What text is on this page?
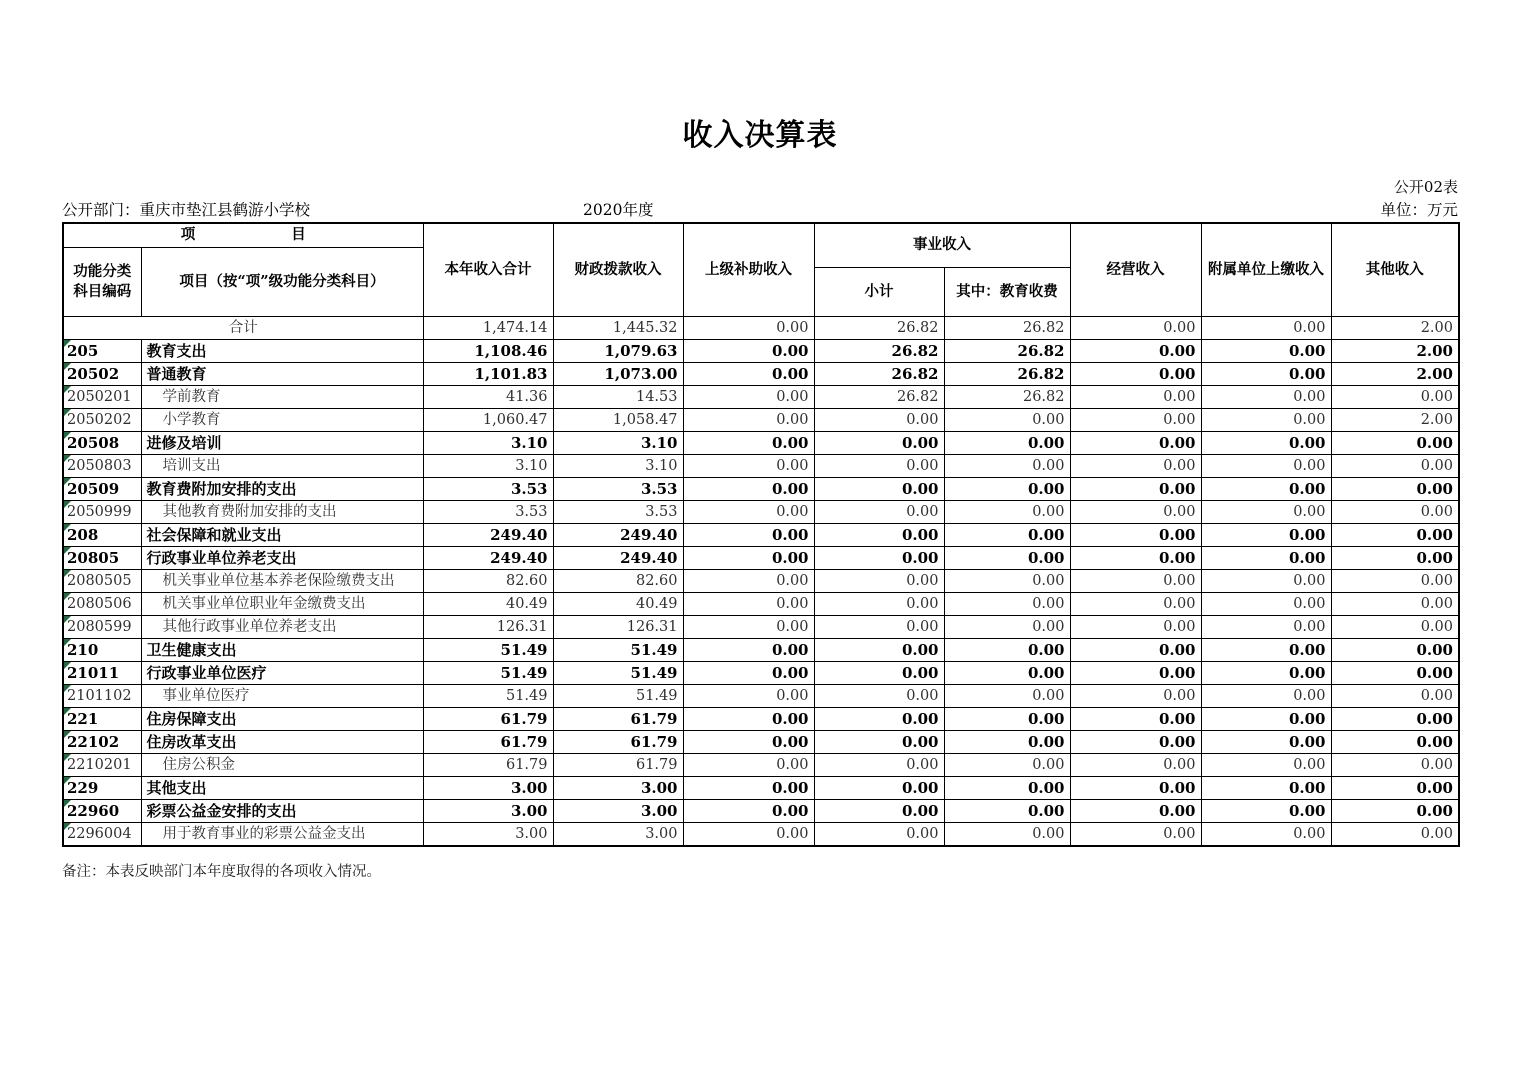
收入决算表
公开02表
公开部门：重庆市垫江县鹤游小学校	2020年度	单位：万元
项 目		本年收入合计	财政拨款收入	上级补助收入	事业收入		经营收入	附属单位上缴收入	其他收入

功能分类
科目编码	项目（按“项”级功能分类科目）								
					小计	其中：教育收费			
合计		1,474.14	1,445.32	0.00	26.82	26.82	0.00	0.00	2.00

205	教育支出	1,108.46	1,079.63	0.00	26.82	26.82	0.00	0.00	2.00

20502	普通教育	1,101.83	1,073.00	0.00	26.82	26.82	0.00	0.00	2.00

2050201	学前教育	41.36	14.53	0.00	26.82	26.82	0.00	0.00	0.00

2050202	小学教育	1,060.47	1,058.47	0.00	0.00	0.00	0.00	0.00	2.00

20508	进修及培训	3.10	3.10	0.00	0.00	0.00	0.00	0.00	0.00

2050803	培训支出	3.10	3.10	0.00	0.00	0.00	0.00	0.00	0.00

20509	教育费附加安排的支出	3.53	3.53	0.00	0.00	0.00	0.00	0.00	0.00

2050999	其他教育费附加安排的支出	3.53	3.53	0.00	0.00	0.00	0.00	0.00	0.00

208	社会保障和就业支出	249.40	249.40	0.00	0.00	0.00	0.00	0.00	0.00

20805	行政事业单位养老支出	249.40	249.40	0.00	0.00	0.00	0.00	0.00	0.00

2080505	机关事业单位基本养老保险缴费支出	82.60	82.60	0.00	0.00	0.00	0.00	0.00	0.00

2080506	机关事业单位职业年金缴费支出	40.49	40.49	0.00	0.00	0.00	0.00	0.00	0.00

2080599	其他行政事业单位养老支出	126.31	126.31	0.00	0.00	0.00	0.00	0.00	0.00

210	卫生健康支出	51.49	51.49	0.00	0.00	0.00	0.00	0.00	0.00

21011	行政事业单位医疗	51.49	51.49	0.00	0.00	0.00	0.00	0.00	0.00

2101102	事业单位医疗	51.49	51.49	0.00	0.00	0.00	0.00	0.00	0.00

221	住房保障支出	61.79	61.79	0.00	0.00	0.00	0.00	0.00	0.00

22102	住房改革支出	61.79	61.79	0.00	0.00	0.00	0.00	0.00	0.00

2210201	住房公积金	61.79	61.79	0.00	0.00	0.00	0.00	0.00	0.00

229	其他支出	3.00	3.00	0.00	0.00	0.00	0.00	0.00	0.00

22960	彩票公益金安排的支出	3.00	3.00	0.00	0.00	0.00	0.00	0.00	0.00

2296004	用于教育事业的彩票公益金支出	3.00	3.00	0.00	0.00	0.00	0.00	0.00	0.00
备注：本表反映部门本年度取得的各项收入情况。
